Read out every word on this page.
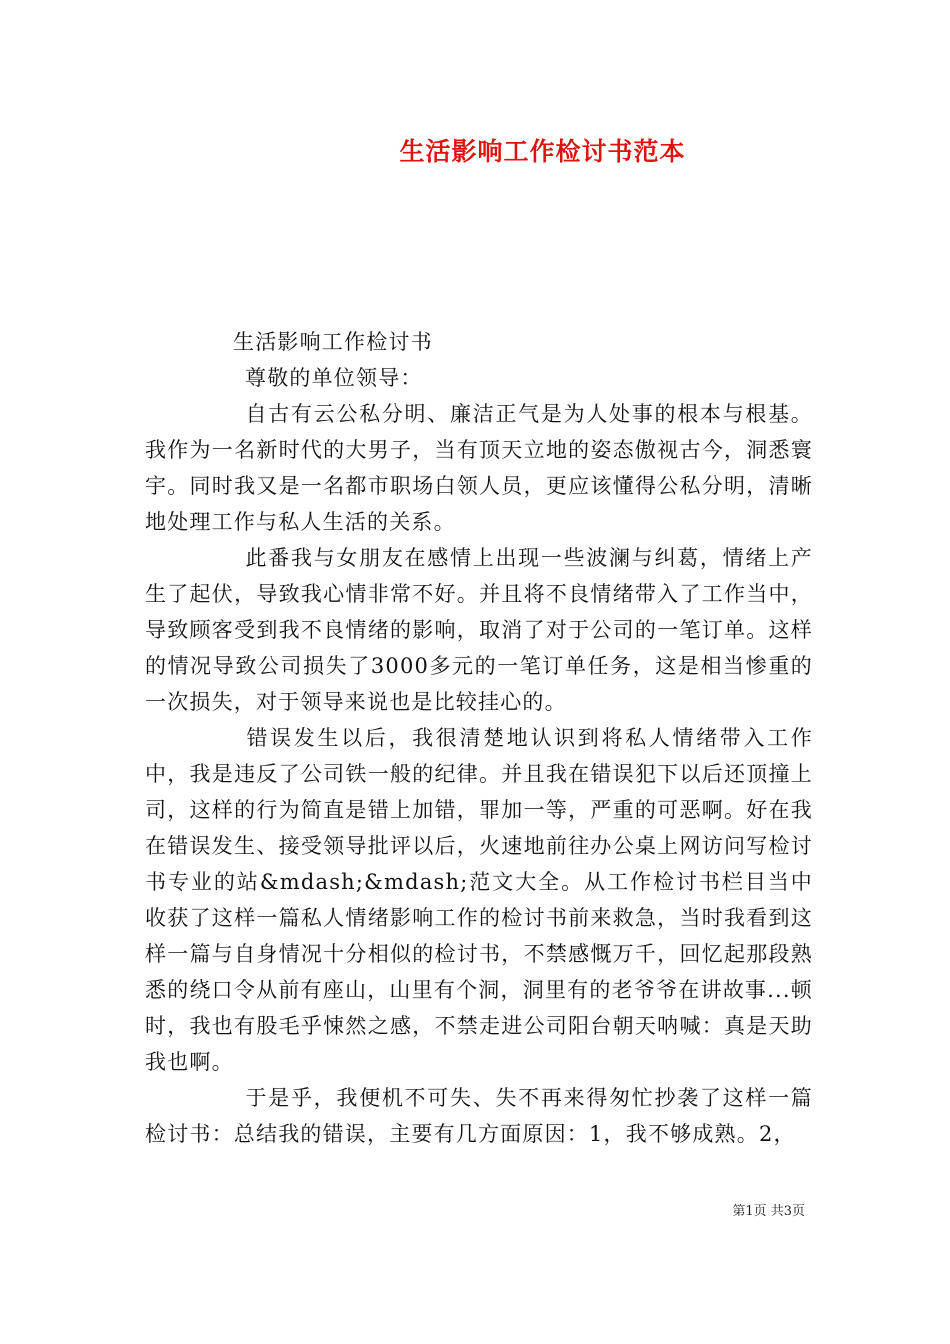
生活影响工作检讨书范本
生活影响工作检讨书
尊敬的单位领导：

自古有云公私分明、廉洁正气是为人处事的根本与根基。我作为一名新时代的大男子，当有顶天立地的姿态傲视古今，洞悉寰宇。同时我又是一名都市职场白领人员，更应该懂得公私分明，清晰地处理工作与私人生活的关系。

此番我与女朋友在感情上出现一些波澜与纠葛，情绪上产生了起伏，导致我心情非常不好。并且将不良情绪带入了工作当中，导致顾客受到我不良情绪的影响，取消了对于公司的一笔订单。这样的情况导致公司损失了3000多元的一笔订单任务，这是相当惨重的一次损失，对于领导来说也是比较挂心的。

错误发生以后，我很清楚地认识到将私人情绪带入工作中，我是违反了公司铁一般的纪律。并且我在错误犯下以后还顶撞上司，这样的行为简直是错上加错，罪加一等，严重的可恶啊。好在我在错误发生、接受领导批评以后，火速地前往办公桌上网访问写检讨书专业的站&mdash;&mdash;范文大全。从工作检讨书栏目当中收获了这样一篇私人情绪影响工作的检讨书前来救急，当时我看到这样一篇与自身情况十分相似的检讨书，不禁感慨万千，回忆起那段熟悉的绕口令从前有座山，山里有个洞，洞里有的老爷爷在讲故事...顿时，我也有股毛乎悚然之感，不禁走进公司阳台朝天呐喊：真是天助我也啊。

于是乎，我便机不可失、失不再来得匆忙抄袭了这样一篇检讨书：总结我的错误，主要有几方面原因：1，我不够成熟。2，

第1页 共3页
